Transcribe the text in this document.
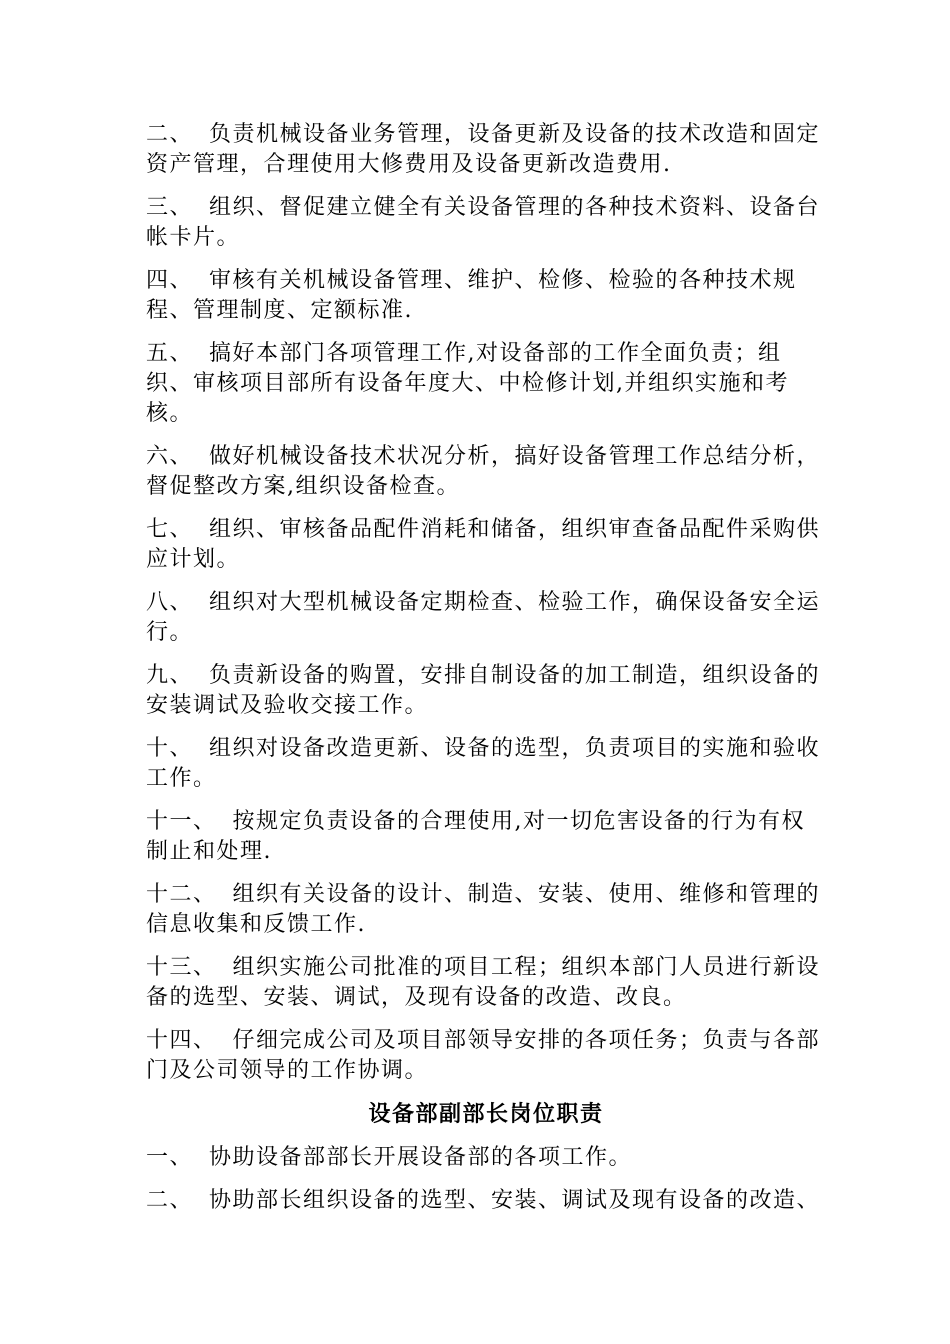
二、 负责机械设备业务管理，设备更新及设备的技术改造和固定资产管理，合理使用大修费用及设备更新改造费用.

三、 组织、督促建立健全有关设备管理的各种技术资料、设备台帐卡片。

四、 审核有关机械设备管理、维护、检修、检验的各种技术规程、管理制度、定额标准.

五、 搞好本部门各项管理工作,对设备部的工作全面负责；组织、审核项目部所有设备年度大、中检修计划,并组织实施和考核。

六、 做好机械设备技术状况分析，搞好设备管理工作总结分析，督促整改方案,组织设备检查。

七、 组织、审核备品配件消耗和储备，组织审查备品配件采购供应计划。

八、 组织对大型机械设备定期检查、检验工作，确保设备安全运行。

九、 负责新设备的购置，安排自制设备的加工制造，组织设备的安装调试及验收交接工作。

十、 组织对设备改造更新、设备的选型，负责项目的实施和验收工作。

十一、 按规定负责设备的合理使用,对一切危害设备的行为有权制止和处理.

十二、 组织有关设备的设计、制造、安装、使用、维修和管理的信息收集和反馈工作.

十三、 组织实施公司批准的项目工程；组织本部门人员进行新设备的选型、安装、调试，及现有设备的改造、改良。

十四、 仔细完成公司及项目部领导安排的各项任务；负责与各部门及公司领导的工作协调。

设备部副部长岗位职责

一、 协助设备部部长开展设备部的各项工作。

二、 协助部长组织设备的选型、安装、调试及现有设备的改造、
